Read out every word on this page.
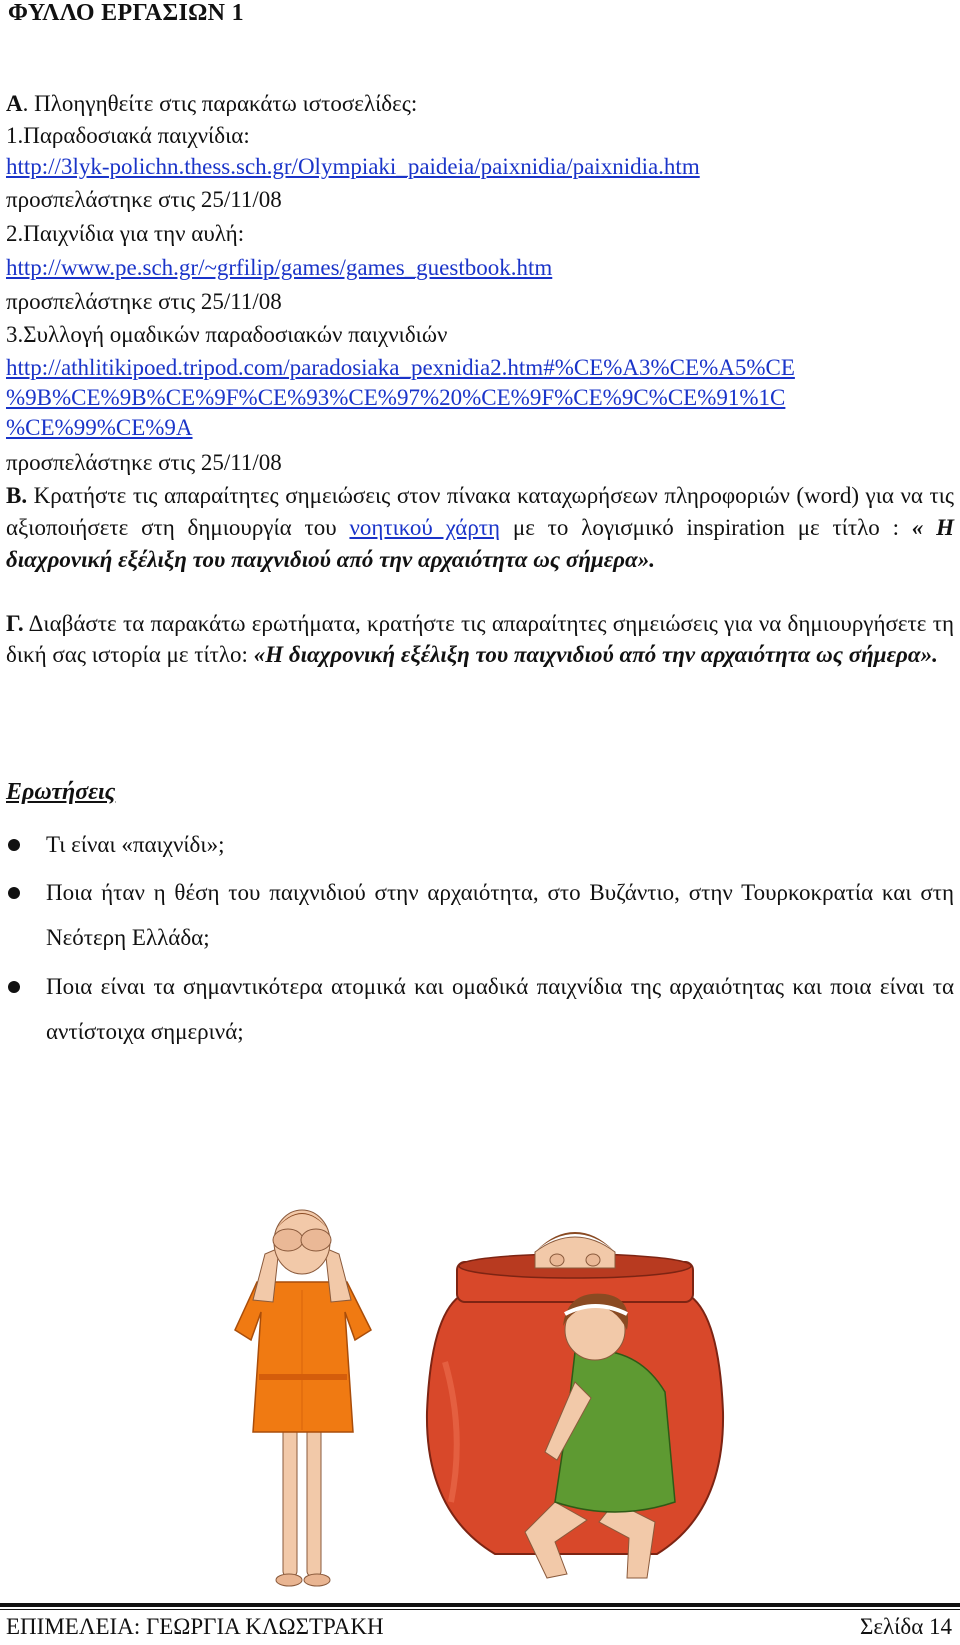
ΦΥΛΛΟ ΕΡΓΑΣΙΩΝ 1
Α. Πλοηγηθείτε στις παρακάτω ιστοσελίδες:
1.Παραδοσιακά παιχνίδια:
http://3lyk-polichn.thess.sch.gr/Olympiaki_paideia/paixnidia/paixnidia.htm
προσπελάστηκε στις 25/11/08
2.Παιχνίδια για την αυλή:
http://www.pe.sch.gr/~grfilip/games/games_guestbook.htm
προσπελάστηκε στις 25/11/08
3.Συλλογή ομαδικών παραδοσιακών παιχνιδιών
http://athlitikipoed.tripod.com/paradosiaka_pexnidia2.htm#%CE%A3%CE%A5%CE
%9B%CE%9B%CE%9F%CE%93%CE%97%20%CE%9F%CE%9C%CE%91%1C
%CE%99%CE%9A
προσπελάστηκε στις 25/11/08
Β. Κρατήστε τις απαραίτητες σημειώσεις στον πίνακα καταχωρήσεων πληροφοριών (word) για να τις αξιοποιήσετε στη δημιουργία του νοητικού χάρτη με το λογισμικό inspiration με τίτλο : « Η διαχρονική εξέλιξη του παιχνιδιού από την αρχαιότητα ως σήμερα».
Γ. Διαβάστε τα παρακάτω ερωτήματα, κρατήστε τις απαραίτητες σημειώσεις για να δημιουργήσετε τη δική σας ιστορία με τίτλο: «Η διαχρονική εξέλιξη του παιχνιδιού από την αρχαιότητα ως σήμερα».
Ερωτήσεις
Τι είναι «παιχνίδι»;
Ποια ήταν η θέση του παιχνιδιού στην αρχαιότητα, στο Βυζάντιο, στην Τουρκοκρατία και στη Νεότερη Ελλάδα;
Ποια είναι τα σημαντικότερα ατομικά και ομαδικά παιχνίδια της αρχαιότητας και ποια είναι τα αντίστοιχα σημερινά;
ΕΠΙΜΕΛΕΙΑ: ΓΕΩΡΓΙΑ ΚΛΩΣΤΡΑΚΗ	Σελίδα 14
